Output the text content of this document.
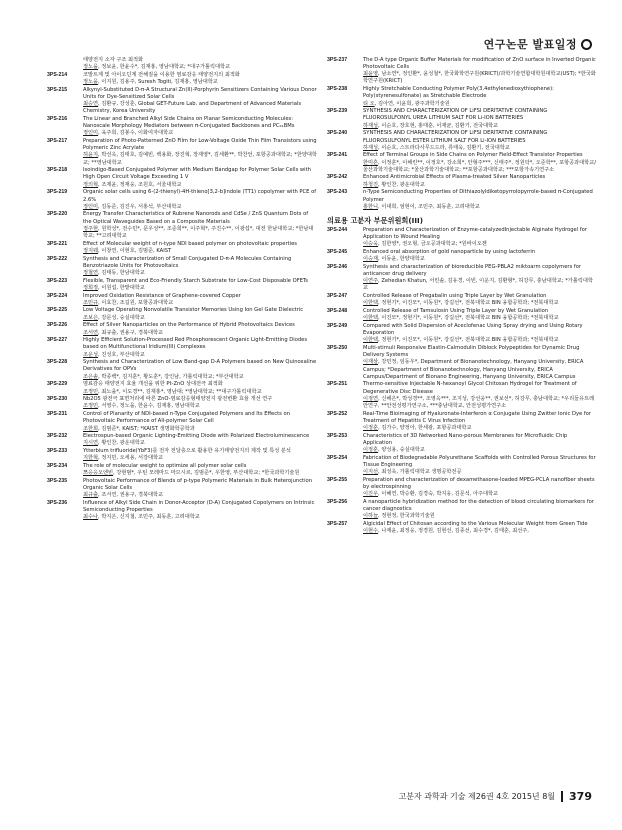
연구논문 발표일정
태양전지 소자 구조 최적화
정노을, 정보윤, 한윤수*, 김재홍, 영남대학교; *대구가톨릭대학교
3PS-214	코발트계 및 아이오딘계 전해질을 이용한 염료감응 태양전지의 최적화
정노을, 이지원, 김용주, Suresh Togiti, 김재홍, 영남대학교
3PS-215	Alkynyl-Substituted D-π-A Structural Zn(II)-Porphyrin Sensitizers Containing Various Donor Units for Dye-Sensitized Solar Cells
최승연, 김환규, 강성훈, Global GET-Future Lab. and Department of Advanced Materials Chemistry, Korea University
3PS-216	The Linear and Branched Alkyl Side Chains on Planar Semiconducting Molecules: Nanoscale Morphology Mediators between π-Conjugated Backbones and PC₆₁BMs
정인미, 육주희, 김봉수, 이화여자대학교
3PS-217	Preparation of Photo-Patterned ZnO Film for Low-Voltage Oxide Thin Film Transistors using Polymeric Zinc Acrylate
허윤지, 박선옥, 김태호, 김예빈, 백용화, 장진혁, 장재영*, 김세환**, 박찬언, 포항공과대학교; *한양대학교; **영남대학교
3PS-218	Isoindigo-Based Conjugated Polymer with Medium Bandgap for Polymer Solar Cells with High Open Circuit Voltage Exceeding 1 V
정의혁, 조제윤, 정재웅, 조원호, 서울대학교
3PS-219	Organic solar cells using 6-(2-thienyl)-4H-thieno[3,2-b]indole (TT1) copolymer with PCE of 2.6%
정인미, 김동준, 김진우, 서홍석, 부산대학교
3PS-220	Energy Transfer Characteristics of Rubrene Nanorods and CdSe / ZnS Quantum Dots of the Optical Waveguides Based on a Composite Materials
정주현, 원학성*, 전수민*, 문우성**, 조준희**, 이주혁*, 주진수**, 이광섭*, 대전 한남대학교; *한남대학교; **고려대학교
3PS-221	Effect of Molecular weight of n-type NDI based polymer on photovoltaic properties
정지웨, 이창연, 이현호, 김범준, KAIST
3PS-222	Synthesis and Characterization of Small Conjugated D-π-A Molecules Containing Benzotriazole Units for Photovoltaics
정철연, 김태동, 한남대학교
3PS-223	Flexible, Transparent and Eco-Friendly Starch Substrate for Low-Cost Disposable OFETs
정희정, 이원섭, 한밭대학교
3PS-224	Improved Oxidation Resistance of Graphene-covered Copper
조민규, 이효찬, 조길원, 포항공과대학교
3PS-225	Low Voltage Operating Nonvolatile Transistor Memories Using Ion Gel Gate Dielectric
조보은, 강문성, 숭실대학교
3PS-226	Effect of Silver Nanoparticles on the Performance of Hybrid Photovoltaics Devices
조서연, 최규출, 권용구, 경북대학교
3PS-227	Highly Efficient Solution-Processed Red Phosphorescent Organic Light-Emitting Diodes based on Multifunctional Iridium(III) Complexes
조운성, 진성호, 부산대학교
3PS-228	Synthesis and Characterization of Low Band-gap D-A Polymers based on New Quinoxaline Derivatives for OPVs
조은솔, 박종백*, 김지훈*, 황도훈*, 강인남, 가톨릭대학교; *부산대학교
3PS-229	염료감응 태양전지 효율 개선을 위한 Pt-ZnO 상대전극 최적화
조정민, 최노을*, 이도경**, 김재홍*, 영남대; *영남대학교; **대구가톨릭대학교
3PS-230	Nb2O5 광전극 표면처리에 따른 ZnO-염료감응형태양전지 광전변환 효율 개선 연구
조정민, 서영수, 정노을, 한윤수, 김재홍, 영남대학교
3PS-231	Control of Planarity of NDI-based n-Type Conjugated Polymers and Its Effects on Photovoltaic Performance of All-polymer Solar Cell
조한희, 김범준*, KAIST; *KAIST 생명화학공학과
3PS-232	Electrospun-based Organic Lighting-Emitting Diode with Polarized Electroluminescence
지시연, 황인찬, 광운대학교
3PS-233	Ytterbium trifluoride(YbF3)를 전자 전달층으로 활용한 유기태양전지의 제작 및 특성 분석
지한혁, 정지민, 오세용, 서강대학교
3PS-234	The role of molecular weight to optimize all polymer solar cells
쯔응응오엔빈, 강현범*, 우틴 모레마드 마므시르, 김범준*, 우한영, 부산대학교; *한국과학기술원
3PS-235	Photovoltaic Performance of Blends of p-type Polymeric Materials in Bulk Heterojunction Organic Solar Cells
최규출, 조서연, 권용구, 경북대학교
3PS-236	Influence of Alkyl Side Chain in Donor-Acceptor (D-A) Conjugated Copolymers on Intrinsic Semiconducting Properties
최수나, 박지은, 신지철, 조민주, 최동훈, 고려대학교
3PS-237	The D-A type Organic Buffer Materials for modification of ZnO surface in Inverted Organic Photovoltaic Cells
최윤영, 남소연*, 정인환*, 윤성철*, 한국화학연구원(KRICT)/과학기술연합대학원대학교(UST); *한국화학연구원(KRICT)
3PS-238	Highly Stretchable Conducting Polymer Poly(3,4ethylenedioxythiophene): Poly(styrenesulfonate) as Stretchable Electrode
티 오, 김아연, 이윤희, 광주과학기술원
3PS-239	SYNTHESIS AND CHARACTERIZATION OF LiFSI DERITATIVE CONTAINING FLUOROSULFONYL UREA LITHIUM SALT FOR Li-ION BATTERIES
하재성, 이순호, 장호현, 홍태훈, 이재균, 김환기, 전국대학교
3PS-240	SYNTHESIS AND CHARACTERIZATION OF LiFSI DERITATIVE CONTAINING FLUOROSULFONYL ESTER LITHIUM SALT FOR Li-ION BATTERIES
하재성, 이순호, 스트라다사무드드라, 류태욱, 김환기, 전국대학교
3PS-241	Effect of Terminal Groups in Side Chains on Polymer Field-Effect Transistor Properties
한미흔, 이정훈*, 이해린**, 이정호*, 강소희*, 안형주***, 신태주*, 정원닥*, 오준학**, 포항공과대학교/울산과학기술대학교; *울산과학기술대학교; **포항공과대학교; ***포항가속기연구소
3PS-242	Enhanced Antimicrobial Effects of Plasma-treated Silver Nanoparticles
하청진, 황인찬, 광운대학교
3PS-243	n-Type Semiconducting Properties of Dithiazolyldiketopyrrolopyrrole-based π-Conjugated Polymer
홍한니, 이대희, 엄현이, 조민주, 최동훈, 고려대학교
의료용 고분자 부문위원회(III)
3PS-244	Preparation and Characterization of Enzyme-catalyzedInjectable Alginate Hydrogel for Application to Wound Healing
이승욱, 김한영*, 권오형, 금오공과대학교; *원바이오젠
3PS-245	Enhanced oral absorption of gold nanoparticle by using lactoferrin
이승재, 이동윤, 한양대학교
3PS-246	Synthesis and characterization of bioreducible PEG-PBLA2 miktoarm copolymers for anticancer drug delivery
이연주, Zehedian Khatun, 서린솔, 김유경, 이빈, 이운지, 김환형*, 허강무, 충남대학교; *가톨릭대학교
3PS-247	Controlled Release of Pregabalin using Triple Layer by Wet Granulation
이한택, 정현기*, 이진모*, 이동원*, 강길선*, 전북대학교 BIN 융합공학과; *전북대학교
3PS-248	Controlled Release of Tamsulosin Using Triple Layer by Wet Granulation
이한택, 이진모*, 정현기*, 이동원*, 강길선*, 전북대학교 BIN 융합공학과; *전북대학교
3PS-249	Compared with Solid Dispersion of Aceclofenac Using Spray drying and Using Rotary Evaporation
이한택, 정현기*, 이진모*, 이동원*, 강길선*, 전북대학교 BIN 융합공학과; *전북대학교
3PS-250	Multi-stimuli Responsive Elastin-Calmodulin Diblock Polypeptides for Dynamic Drug Delivery Systems
이재상, 강민정, 임동우*, Department of Bionanotechnology, Hanyang University, ERICA Campus; *Department of Bionanotechnology, Hanyang University, ERICA Campus/Department of Bionano Engineering, Hanyang University, ERICA Campus
3PS-251	Thermo-sensitive Injectable N-hexanoyl Glycol Chitosan Hydrogel for Treatment of Degenerative Disc Disease
이정연, 신해은*, 박성경**, 조영옥***, 조지성, 강선웅**, 권보선*, 허강무, 충남대학교; *우리들유트레안연구, **안전성평가연구소, ***충남대학교, 안전성평가연구소
3PS-252	Real-Time Bioimaging of Hyaluronate-Interferon α Conjugate Using Zwitter Ionic Dye for Treatment of Hepatitis C Virus Infection
이정훈, 김가수, 양정아, 한세광, 포항공과대학교
3PS-253	Characteristics of 3D Networked Nano-porous Membranes for Microfluidic Chip Application
이정훈, 양성용, 숭실대학교
3PS-254	Fabrication of Biodegradable Polyurethane Scaffolds with Controlled Porous Structures for Tissue Engineering
이지선, 최성욱, 가톨릭대학교 생명공학전공
3PS-255	Preparation and characterization of dexamethasone-loaded MPEG-PCLA nanofiber sheets by electrospinning
이진우, 이혜연, 박승환, 김경숙, 박지웅, 김문석, 아주대학교
3PS-256	A nanoparticle hybridization method for the detection of blood circulating biomarkers for cancer diagnostics
이하늘, 정현정, 한국과학기술원
3PS-257	Algicidal Effect of Chitosan according to the Various Molecular Weight from Green Tide
이현수, 나재윤, 최정웅, 정경원, 김현선, 김종선, 최수경*, 김태훈, 최선주,
고분자 과학과 기술 제26권 4호 2015년 8월 379
